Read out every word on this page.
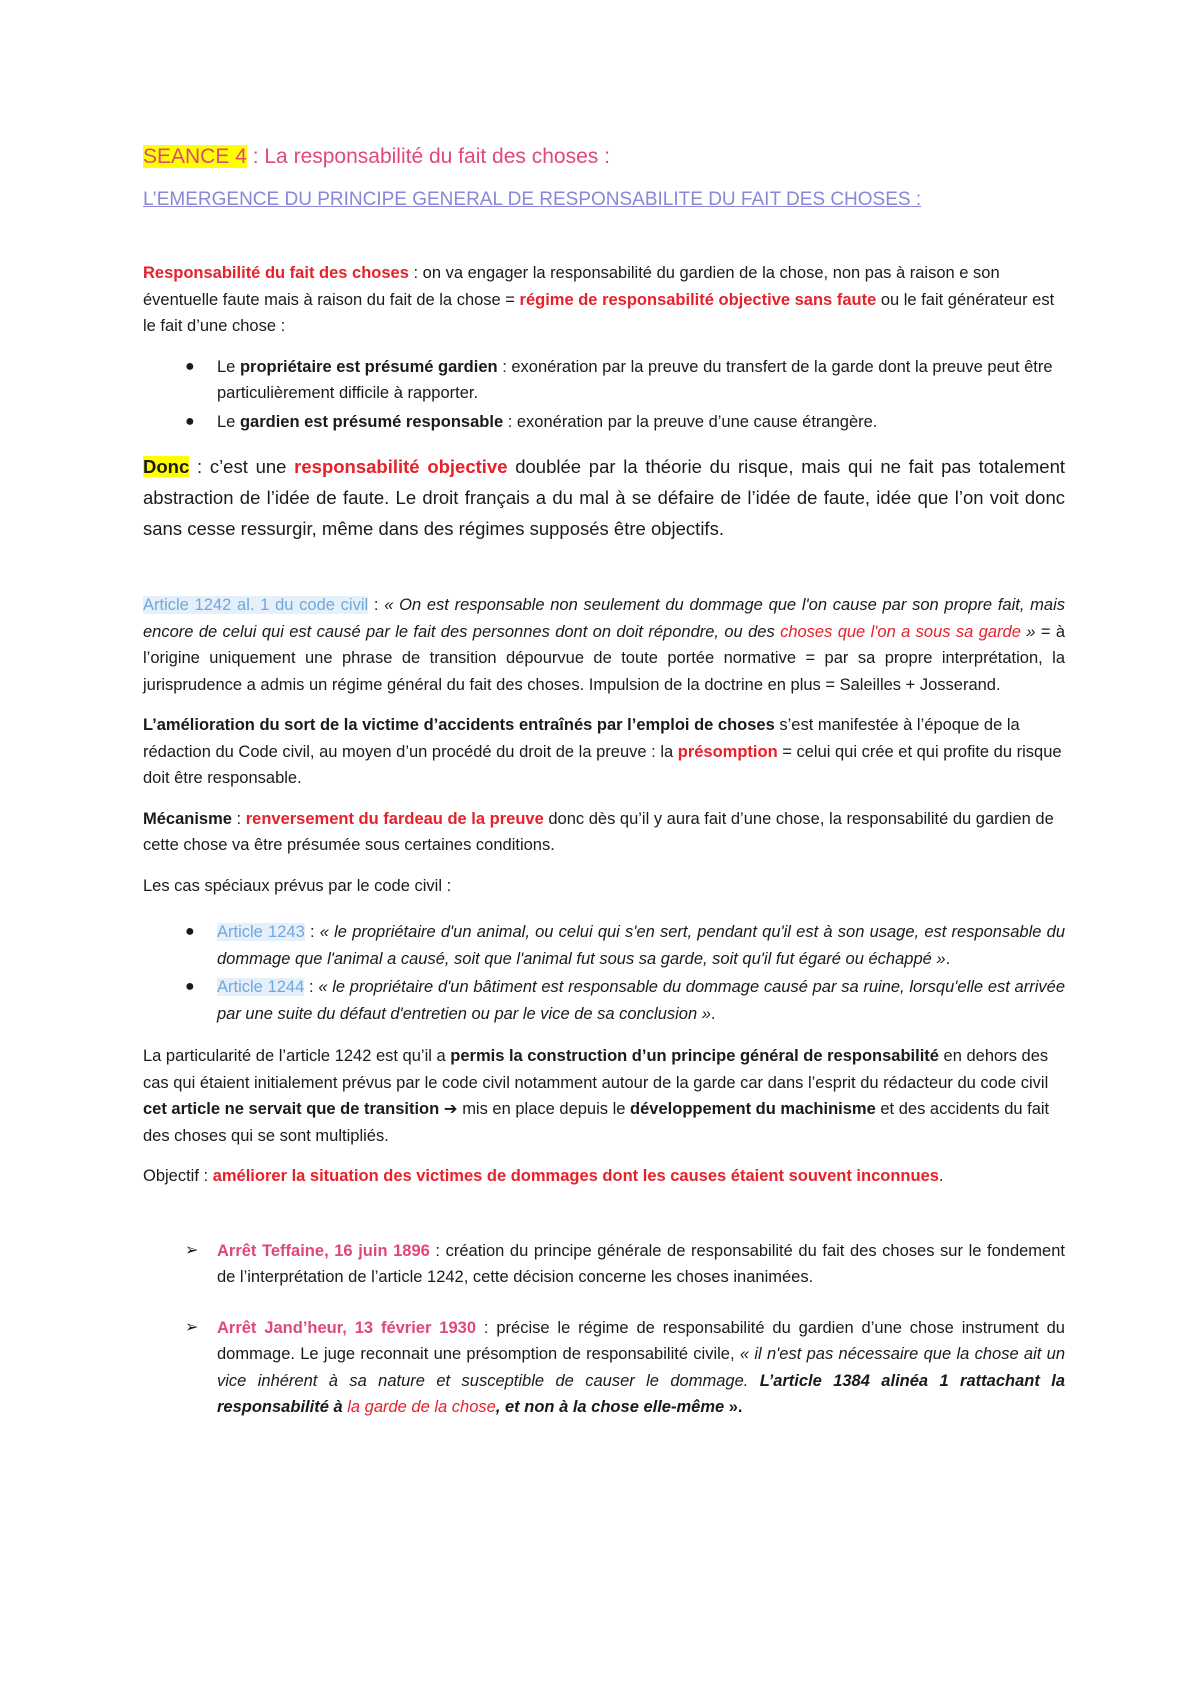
SEANCE 4 : La responsabilité du fait des choses :
L’EMERGENCE DU PRINCIPE GENERAL DE RESPONSABILITE DU FAIT DES CHOSES :

Responsabilité du fait des choses : on va engager la responsabilité du gardien de la chose, non pas à raison e son éventuelle faute mais à raison du fait de la chose = régime de responsabilité objective sans faute ou le fait générateur est le fait d’une chose :

● Le propriétaire est présumé gardien : exonération par la preuve du transfert de la garde dont la preuve peut être particulièrement difficile à rapporter.
● Le gardien est présumé responsable : exonération par la preuve d’une cause étrangère.

Donc : c’est une responsabilité objective doublée par la théorie du risque, mais qui ne fait pas totalement abstraction de l’idée de faute. Le droit français a du mal à se défaire de l’idée de faute, idée que l’on voit donc sans cesse ressurgir, même dans des régimes supposés être objectifs.

Article 1242 al. 1 du code civil : « On est responsable non seulement du dommage que l'on cause par son propre fait, mais encore de celui qui est causé par le fait des personnes dont on doit répondre, ou des choses que l'on a sous sa garde » = à l’origine uniquement une phrase de transition dépourvue de toute portée normative = par sa propre interprétation, la jurisprudence a admis un régime général du fait des choses. Impulsion de la doctrine en plus = Saleilles + Josserand.

L’amélioration du sort de la victime d’accidents entraînés par l’emploi de choses s’est manifestée à l’époque de la rédaction du Code civil, au moyen d’un procédé du droit de la preuve : la présomption = celui qui crée et qui profite du risque doit être responsable.

Mécanisme : renversement du fardeau de la preuve donc dès qu’il y aura fait d’une chose, la responsabilité du gardien de cette chose va être présumée sous certaines conditions.

Les cas spéciaux prévus par le code civil :

● Article 1243 : « le propriétaire d'un animal, ou celui qui s'en sert, pendant qu'il est à son usage, est responsable du dommage que l'animal a causé, soit que l'animal fut sous sa garde, soit qu'il fut égaré ou échappé ».
● Article 1244 : « le propriétaire d'un bâtiment est responsable du dommage causé par sa ruine, lorsqu'elle est arrivée par une suite du défaut d'entretien ou par le vice de sa conclusion ».

La particularité de l’article 1242 est qu’il a permis la construction d’un principe général de responsabilité en dehors des cas qui étaient initialement prévus par le code civil notamment autour de la garde car dans l’esprit du rédacteur du code civil cet article ne servait que de transition ➔ mis en place depuis le développement du machinisme et des accidents du fait des choses qui se sont multipliés.

Objectif : améliorer la situation des victimes de dommages dont les causes étaient souvent inconnues.

➢ Arrêt Teffaine, 16 juin 1896 : création du principe générale de responsabilité du fait des choses sur le fondement de l’interprétation de l’article 1242, cette décision concerne les choses inanimées.
➢ Arrêt Jand’heur, 13 février 1930 : précise le régime de responsabilité du gardien d’une chose instrument du dommage. Le juge reconnait une présomption de responsabilité civile, « il n'est pas nécessaire que la chose ait un vice inhérent à sa nature et susceptible de causer le dommage. L’article 1384 alinéa 1 rattachant la responsabilité à la garde de la chose, et non à la chose elle-même ».
